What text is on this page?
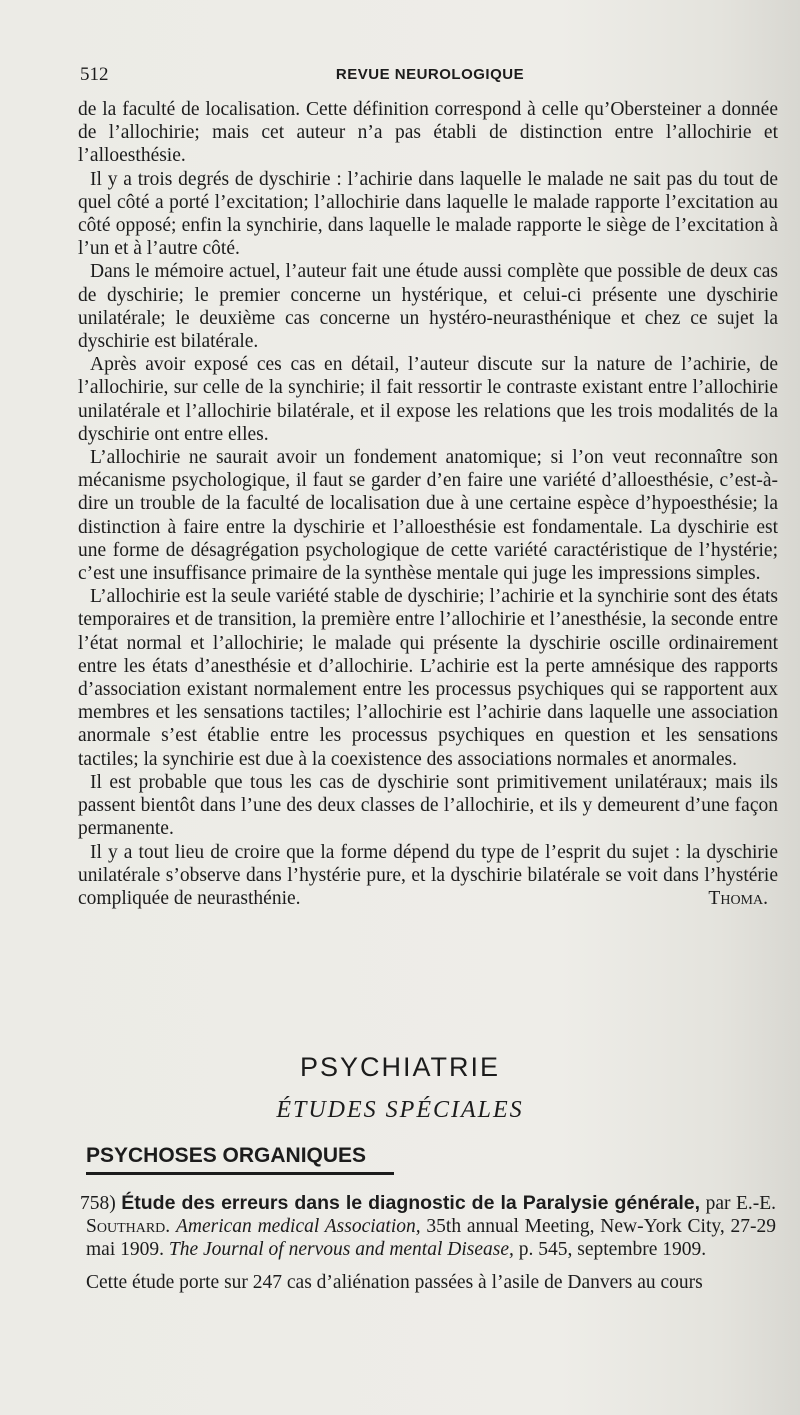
512	REVUE NEUROLOGIQUE

de la faculté de localisation. Cette définition correspond à celle qu’Obersteiner a donnée de l’allochirie; mais cet auteur n’a pas établi de distinction entre l’allochirie et l’alloesthésie.

Il y a trois degrés de dyschirie : l’achirie dans laquelle le malade ne sait pas du tout de quel côté a porté l’excitation; l’allochirie dans laquelle le malade rapporte l’excitation au côté opposé; enfin la synchirie, dans laquelle le malade rapporte le siège de l’excitation à l’un et à l’autre côté.

Dans le mémoire actuel, l’auteur fait une étude aussi complète que possible de deux cas de dyschirie; le premier concerne un hystérique, et celui-ci présente une dyschirie unilatérale; le deuxième cas concerne un hystéro-neurasthénique et chez ce sujet la dyschirie est bilatérale.

Après avoir exposé ces cas en détail, l’auteur discute sur la nature de l’achirie, de l’allochirie, sur celle de la synchirie; il fait ressortir le contraste existant entre l’allochirie unilatérale et l’allochirie bilatérale, et il expose les relations que les trois modalités de la dyschirie ont entre elles.

L’allochirie ne saurait avoir un fondement anatomique; si l’on veut reconnaître son mécanisme psychologique, il faut se garder d’en faire une variété d’alloesthésie, c’est-à-dire un trouble de la faculté de localisation due à une certaine espèce d’hypoesthésie; la distinction à faire entre la dyschirie et l’alloesthésie est fondamentale. La dyschirie est une forme de désagrégation psychologique de cette variété caractéristique de l’hystérie; c’est une insuffisance primaire de la synthèse mentale qui juge les impressions simples.

L’allochirie est la seule variété stable de dyschirie; l’achirie et la synchirie sont des états temporaires et de transition, la première entre l’allochirie et l’anesthésie, la seconde entre l’état normal et l’allochirie; le malade qui présente la dyschirie oscille ordinairement entre les états d’anesthésie et d’allochirie. L’achirie est la perte amnésique des rapports d’association existant normalement entre les processus psychiques qui se rapportent aux membres et les sensations tactiles; l’allochirie est l’achirie dans laquelle une association anormale s’est établie entre les processus psychiques en question et les sensations tactiles; la synchirie est due à la coexistence des associations normales et anormales.

Il est probable que tous les cas de dyschirie sont primitivement unilatéraux; mais ils passent bientôt dans l’une des deux classes de l’allochirie, et ils y demeurent d’une façon permanente.

Il y a tout lieu de croire que la forme dépend du type de l’esprit du sujet : la dyschirie unilatérale s’observe dans l’hystérie pure, et la dyschirie bilatérale se voit dans l’hystérie compliquée de neurasthénie.	Thoma.

PSYCHIATRIE
ÉTUDES SPÉCIALES
PSYCHOSES ORGANIQUES

758) Étude des erreurs dans le diagnostic de la Paralysie générale, par E.-E. Southard. American medical Association, 35th annual Meeting, New-York City, 27-29 mai 1909. The Journal of nervous and mental Disease, p. 545, septembre 1909.

Cette étude porte sur 247 cas d’aliénation passées à l’asile de Danvers au cours
